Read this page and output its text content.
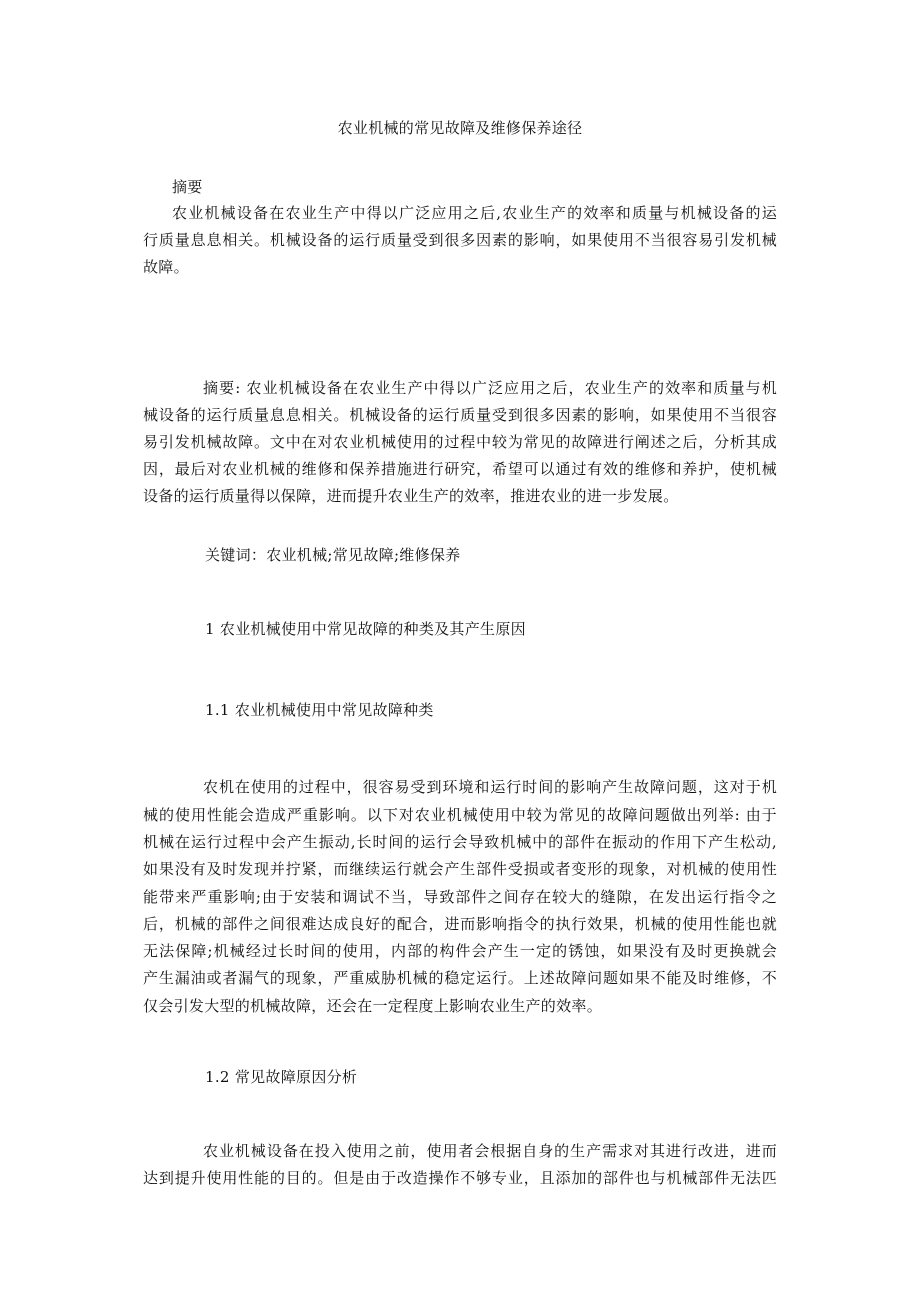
农业机械的常见故障及维修保养途径
摘要
农业机械设备在农业生产中得以广泛应用之后,农业生产的效率和质量与机械设备的运
行质量息息相关。机械设备的运行质量受到很多因素的影响，如果使用不当很容易引发机械
故障。
摘要: 农业机械设备在农业生产中得以广泛应用之后，农业生产的效率和质量与机
械设备的运行质量息息相关。机械设备的运行质量受到很多因素的影响，如果使用不当很容
易引发机械故障。文中在对农业机械使用的过程中较为常见的故障进行阐述之后，分析其成
因，最后对农业机械的维修和保养措施进行研究，希望可以通过有效的维修和养护，使机械
设备的运行质量得以保障，进而提升农业生产的效率，推进农业的进一步发展。
关键词：农业机械;常见故障;维修保养
1 农业机械使用中常见故障的种类及其产生原因
1.1 农业机械使用中常见故障种类
农机在使用的过程中，很容易受到环境和运行时间的影响产生故障问题，这对于机
械的使用性能会造成严重影响。以下对农业机械使用中较为常见的故障问题做出列举: 由于
机械在运行过程中会产生振动,长时间的运行会导致机械中的部件在振动的作用下产生松动,
如果没有及时发现并拧紧，而继续运行就会产生部件受损或者变形的现象，对机械的使用性
能带来严重影响;由于安装和调试不当，导致部件之间存在较大的缝隙，在发出运行指令之
后，机械的部件之间很难达成良好的配合，进而影响指令的执行效果，机械的使用性能也就
无法保障;机械经过长时间的使用，内部的构件会产生一定的锈蚀，如果没有及时更换就会
产生漏油或者漏气的现象，严重威胁机械的稳定运行。上述故障问题如果不能及时维修，不
仅会引发大型的机械故障，还会在一定程度上影响农业生产的效率。
1.2 常见故障原因分析
农业机械设备在投入使用之前，使用者会根据自身的生产需求对其进行改进，进而
达到提升使用性能的目的。但是由于改造操作不够专业，且添加的部件也与机械部件无法匹
